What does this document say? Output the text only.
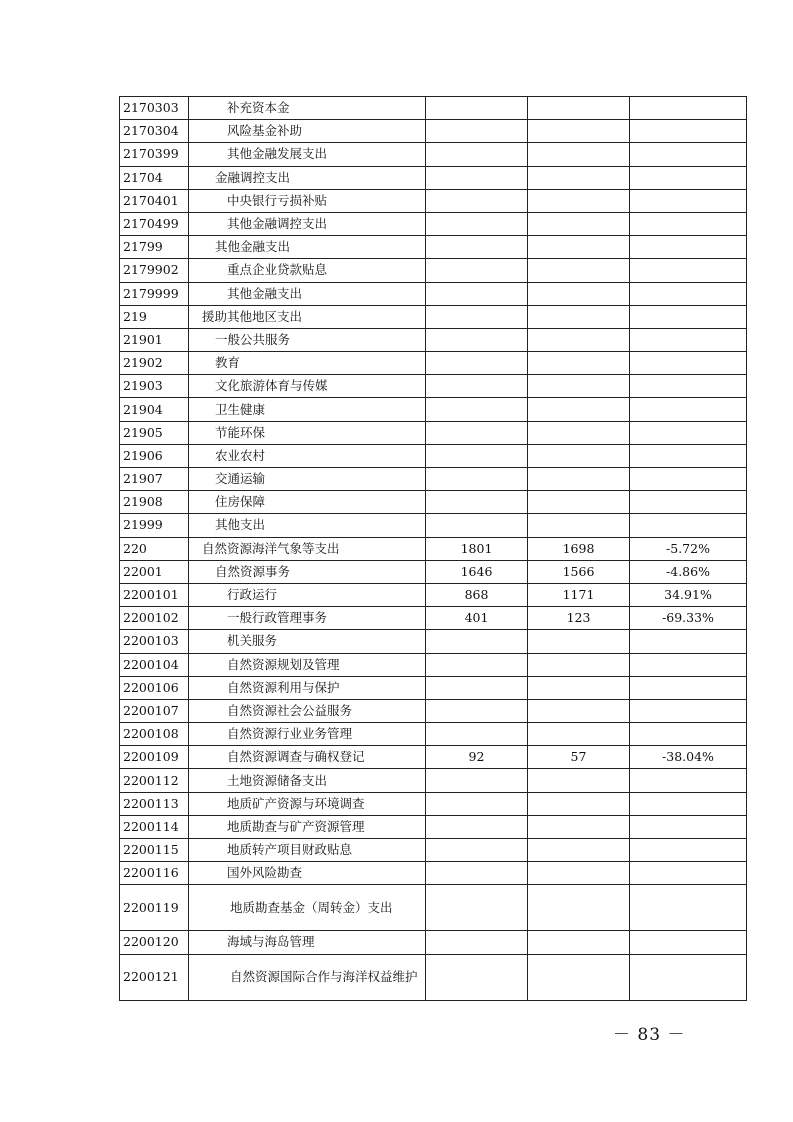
2170303	补充资本金			
2170304	风险基金补助			
2170399	其他金融发展支出			
21704	金融调控支出			
2170401	中央银行亏损补贴			
2170499	其他金融调控支出			
21799	其他金融支出			
2179902	重点企业贷款贴息			
2179999	其他金融支出			
219	援助其他地区支出			
21901	一般公共服务			
21902	教育			
21903	文化旅游体育与传媒			
21904	卫生健康			
21905	节能环保			
21906	农业农村			
21907	交通运输			
21908	住房保障			
21999	其他支出			
220	自然资源海洋气象等支出	1801	1698	-5.72%
22001	自然资源事务	1646	1566	-4.86%
2200101	行政运行	868	1171	34.91%
2200102	一般行政管理事务	401	123	-69.33%
2200103	机关服务			
2200104	自然资源规划及管理			
2200106	自然资源利用与保护			
2200107	自然资源社会公益服务			
2200108	自然资源行业业务管理			
2200109	自然资源调查与确权登记	92	57	-38.04%
2200112	土地资源储备支出			
2200113	地质矿产资源与环境调查			
2200114	地质勘查与矿产资源管理			
2200115	地质转产项目财政贴息			
2200116	国外风险勘查			
2200119	地质勘查基金（周转金）支出			
2200120	海域与海岛管理			
2200121	自然资源国际合作与海洋权益维护			
－ 83 －
